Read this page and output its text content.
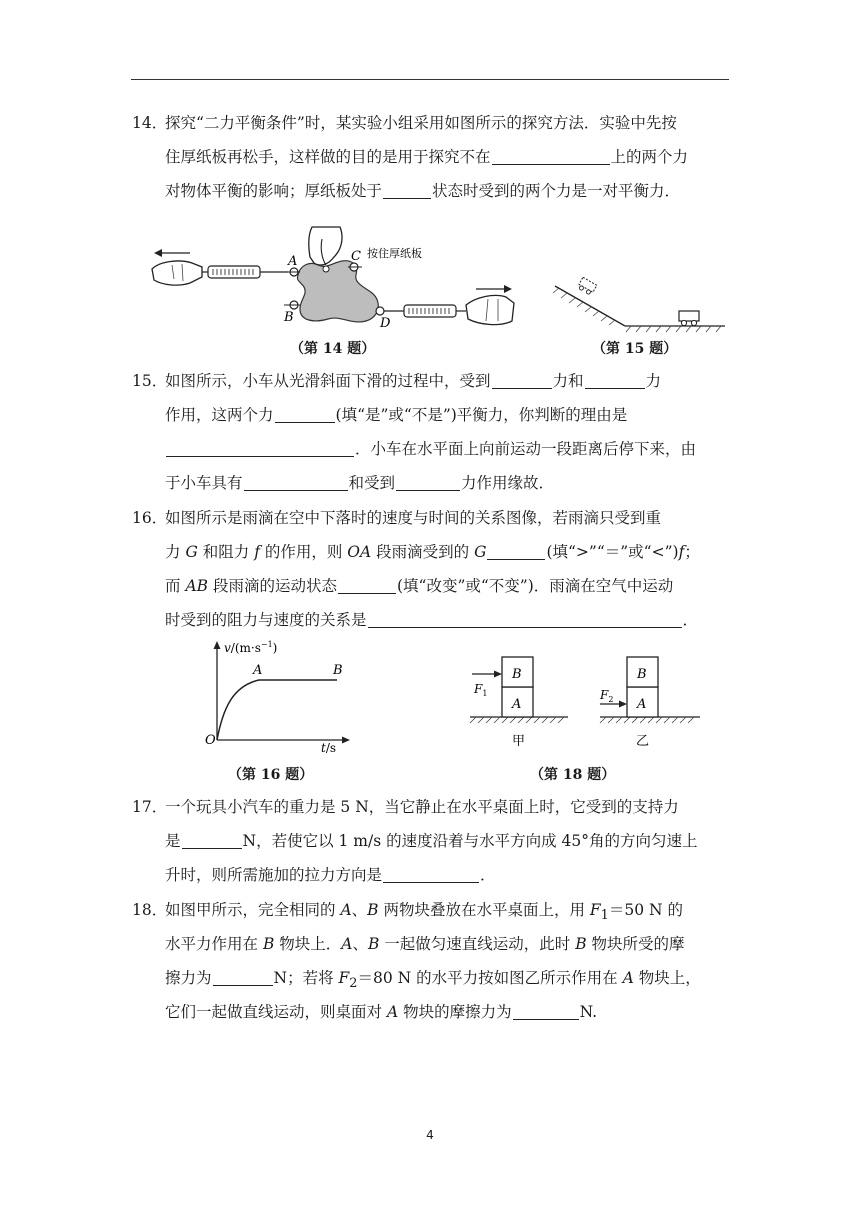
14．探究“二力平衡条件”时，某实验小组采用如图所示的探究方法．实验中先按
住厚纸板再松手，这样做的目的是用于探究不在	上的两个力
对物体平衡的影响；厚纸板处于	状态时受到的两个力是一对平衡力．
A
B
C
D
按住厚纸板
（第 14 题）	（第 15 题）
15．如图所示，小车从光滑斜面下滑的过程中，受到	力和	力
作用，这两个力	(填“是”或“不是”)平衡力，你判断的理由是
．小车在水平面上向前运动一段距离后停下来，由
于小车具有	和受到	力作用缘故．
16．如图所示是雨滴在空中下落时的速度与时间的关系图像，若雨滴只受到重
力 G 和阻力 f 的作用，则 OA 段雨滴受到的 G	(填“>”“＝”或“<”)f；
而 AB 段雨滴的运动状态	(填“改变”或“不变”)．雨滴在空气中运动
时受到的阻力与速度的关系是	．
$v/(m\cdot s^{-1})$
t/s
O
A	B
A
B
$F_1$
甲
A
B
$F_2$
乙
（第 16 题）	（第 18 题）
17．一个玩具小汽车的重力是 5 N，当它静止在水平桌面上时，它受到的支持力
是	N，若使它以 1 m/s 的速度沿着与水平方向成 45°角的方向匀速上
升时，则所需施加的拉力方向是	．
18．如图甲所示，完全相同的 A、B 两物块叠放在水平桌面上，用 $F_1=50$ N 的
水平力作用在 B 物块上．A、B 一起做匀速直线运动，此时 B 物块所受的摩
擦力为	N；若将 $F_2=80$ N 的水平力按如图乙所示作用在 A 物块上，
它们一起做直线运动，则桌面对 A 物块的摩擦力为	N.
4
